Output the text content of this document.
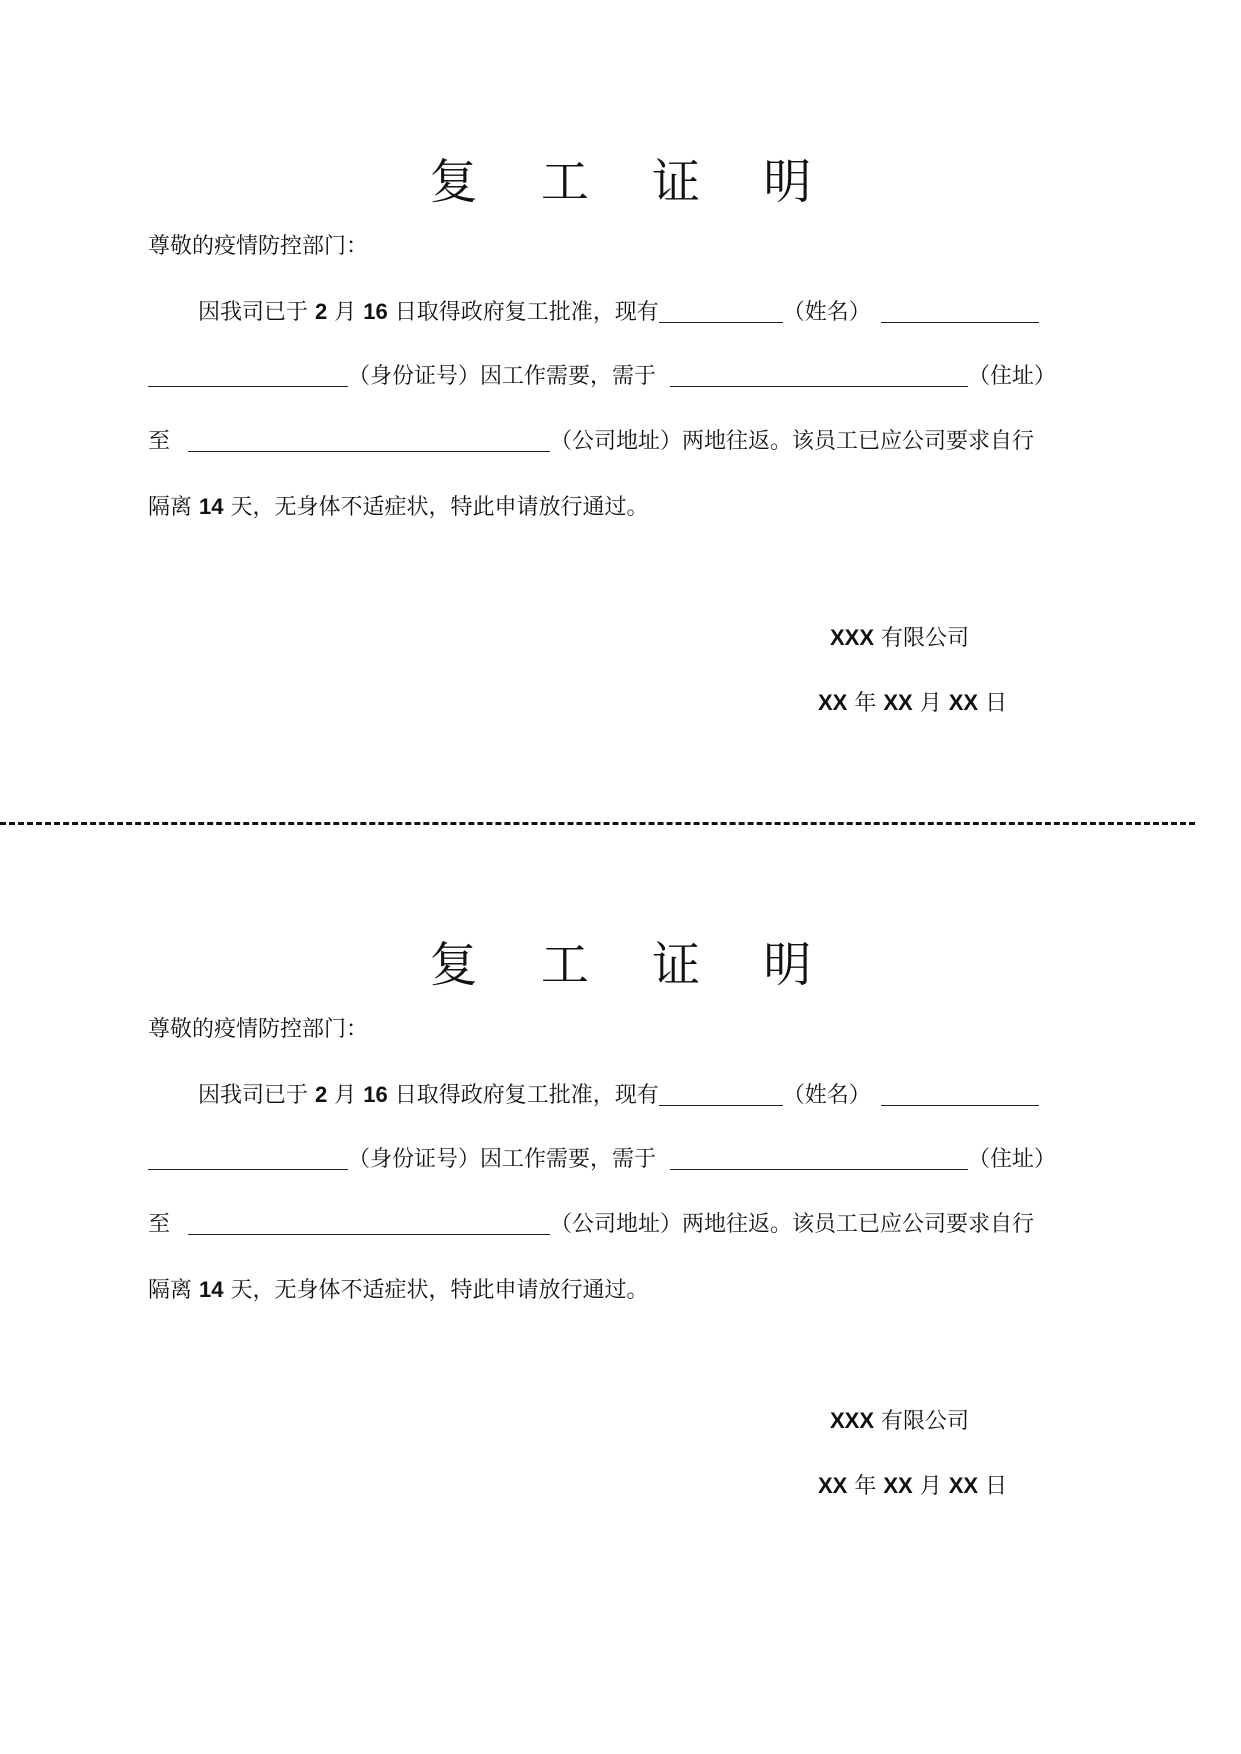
复 工 证 明
尊敬的疫情防控部门：
因我司已于 2 月 16 日取得政府复工批准，现有	（姓名）
（身份证号）因工作需要，需于	（住址）
至	（公司地址）两地往返。该员工已应公司要求自行
隔离 14 天，无身体不适症状，特此申请放行通过。
XXX 有限公司
XX 年 XX 月 XX 日
复 工 证 明
尊敬的疫情防控部门：
因我司已于 2 月 16 日取得政府复工批准，现有	（姓名）
（身份证号）因工作需要，需于	（住址）
至	（公司地址）两地往返。该员工已应公司要求自行
隔离 14 天，无身体不适症状，特此申请放行通过。
XXX 有限公司
XX 年 XX 月 XX 日
